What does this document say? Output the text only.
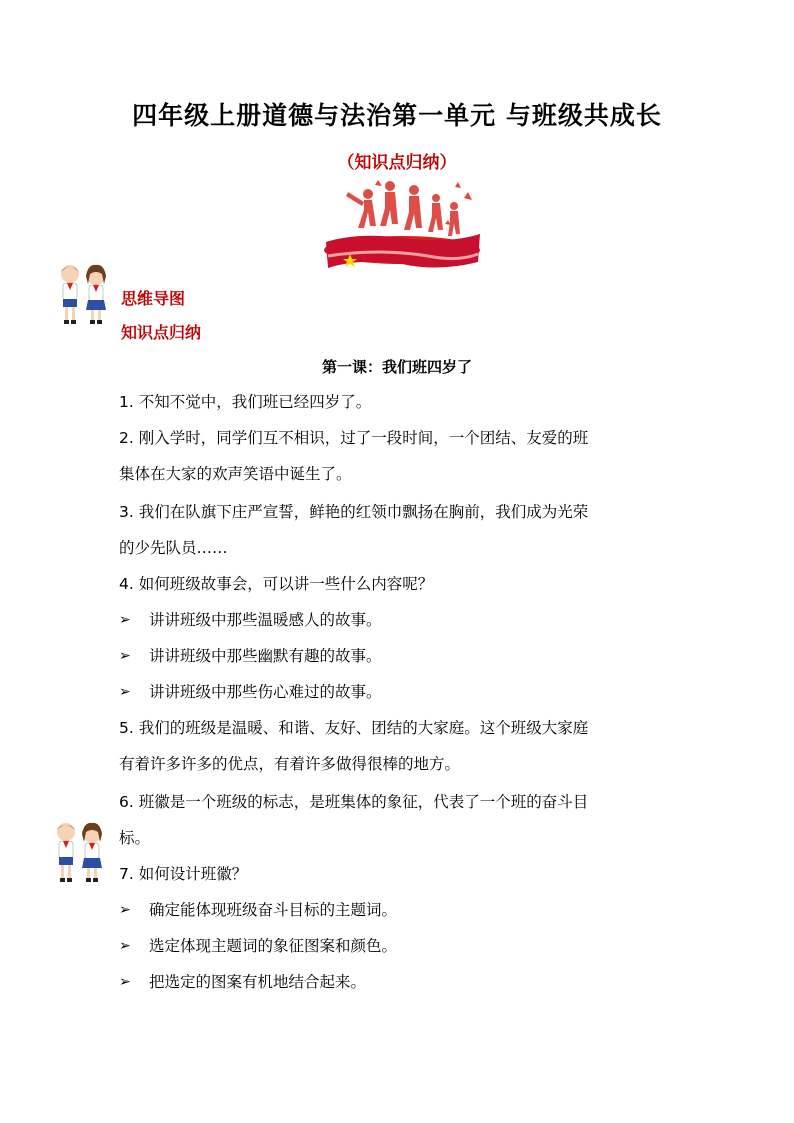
四年级上册道德与法治第一单元 与班级共成长
（知识点归纳）
思维导图
知识点归纳
第一课：我们班四岁了
1. 不知不觉中，我们班已经四岁了。
2. 刚入学时，同学们互不相识，过了一段时间，一个团结、友爱的班
集体在大家的欢声笑语中诞生了。
3. 我们在队旗下庄严宣誓，鲜艳的红领巾飘扬在胸前，我们成为光荣
的少先队员……
4. 如何班级故事会，可以讲一些什么内容呢？
➢ 讲讲班级中那些温暖感人的故事。
➢ 讲讲班级中那些幽默有趣的故事。
➢ 讲讲班级中那些伤心难过的故事。
5. 我们的班级是温暖、和谐、友好、团结的大家庭。这个班级大家庭
有着许多许多的优点，有着许多做得很棒的地方。
6. 班徽是一个班级的标志，是班集体的象征，代表了一个班的奋斗目
标。
7. 如何设计班徽？
➢ 确定能体现班级奋斗目标的主题词。
➢ 选定体现主题词的象征图案和颜色。
➢ 把选定的图案有机地结合起来。
